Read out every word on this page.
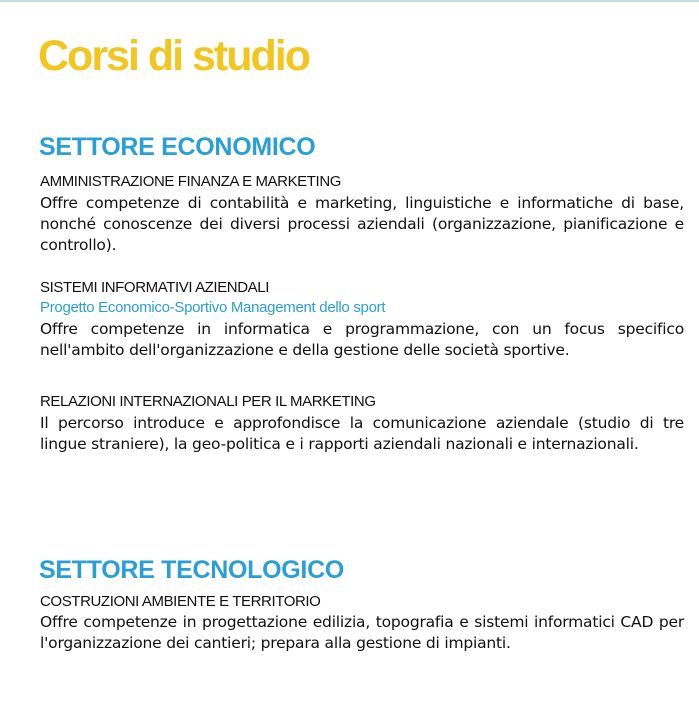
Corsi di studio
SETTORE ECONOMICO
AMMINISTRAZIONE FINANZA E MARKETING

Offre competenze di contabilità e marketing, linguistiche e informatiche di base, nonché conoscenze dei diversi processi aziendali (organizzazione, pianificazione e controllo).

SISTEMI INFORMATIVI AZIENDALI
Progetto Economico-Sportivo Management dello sport

Offre competenze in informatica e programmazione, con un focus specifico nell'ambito dell'organizzazione e della gestione delle società sportive.

RELAZIONI INTERNAZIONALI PER IL MARKETING

Il percorso introduce e approfondisce la comunicazione aziendale (studio di tre lingue straniere), la geo-politica e i rapporti aziendali nazionali e internazionali.

SETTORE TECNOLOGICO
COSTRUZIONI AMBIENTE E TERRITORIO

Offre competenze in progettazione edilizia, topografia e sistemi informatici CAD per l'organizzazione dei cantieri; prepara alla gestione di impianti.
